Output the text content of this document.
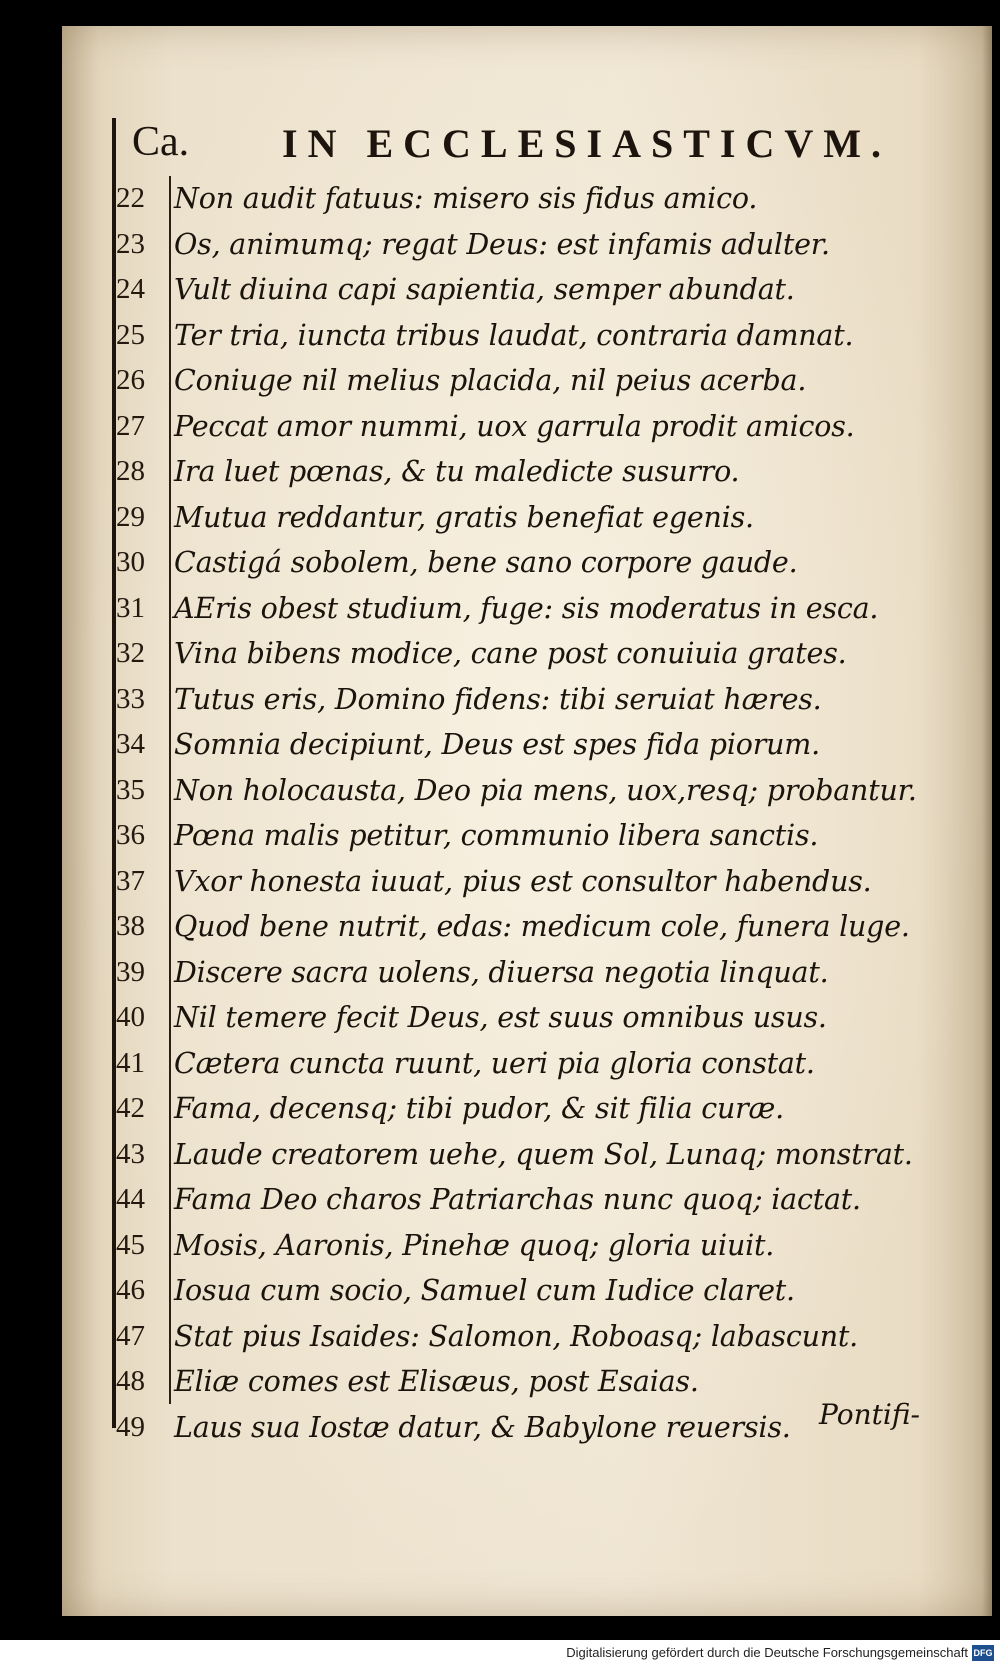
Ca. IN ECCLESIASTICVM.
22	Non audit fatuus: misero sis fidus amico.
23	Os, animumq; regat Deus: est infamis adulter.
24	Vult diuina capi sapientia, semper abundat.
25	Ter tria, iuncta tribus laudat, contraria damnat.
26	Coniuge nil melius placida, nil peius acerba.
27	Peccat amor nummi, uox garrula prodit amicos.
28	Ira luet pœnas, & tu maledicte susurro.
29	Mutua reddantur, gratis benefiat egenis.
30	Castigá sobolem, bene sano corpore gaude.
31	AEris obest studium, fuge: sis moderatus in esca.
32	Vina bibens modice, cane post conuiuia grates.
33	Tutus eris, Domino fidens: tibi seruiat hæres.
34	Somnia decipiunt, Deus est spes fida piorum.
35	Non holocausta, Deo pia mens, uox,resq; probantur.
36	Pœna malis petitur, communio libera sanctis.
37	Vxor honesta iuuat, pius est consultor habendus.
38	Quod bene nutrit, edas: medicum cole, funera luge.
39	Discere sacra uolens, diuersa negotia linquat.
40	Nil temere fecit Deus, est suus omnibus usus.
41	Cætera cuncta ruunt, ueri pia gloria constat.
42	Fama, decensq; tibi pudor, & sit filia curæ.
43	Laude creatorem uehe, quem Sol, Lunaq; monstrat.
44	Fama Deo charos Patriarchas nunc quoq; iactat.
45	Mosis, Aaronis, Pinehæ quoq; gloria uiuit.
46	Iosua cum socio, Samuel cum Iudice claret.
47	Stat pius Isaides: Salomon, Roboasq; labascunt.
48	Eliæ comes est Elisæus, post Esaias.
49	Laus sua Iostæ datur, & Babylone reuersis. Pontifi-
Digitalisierung gefördert durch die Deutsche Forschungsgemeinschaft DFG
